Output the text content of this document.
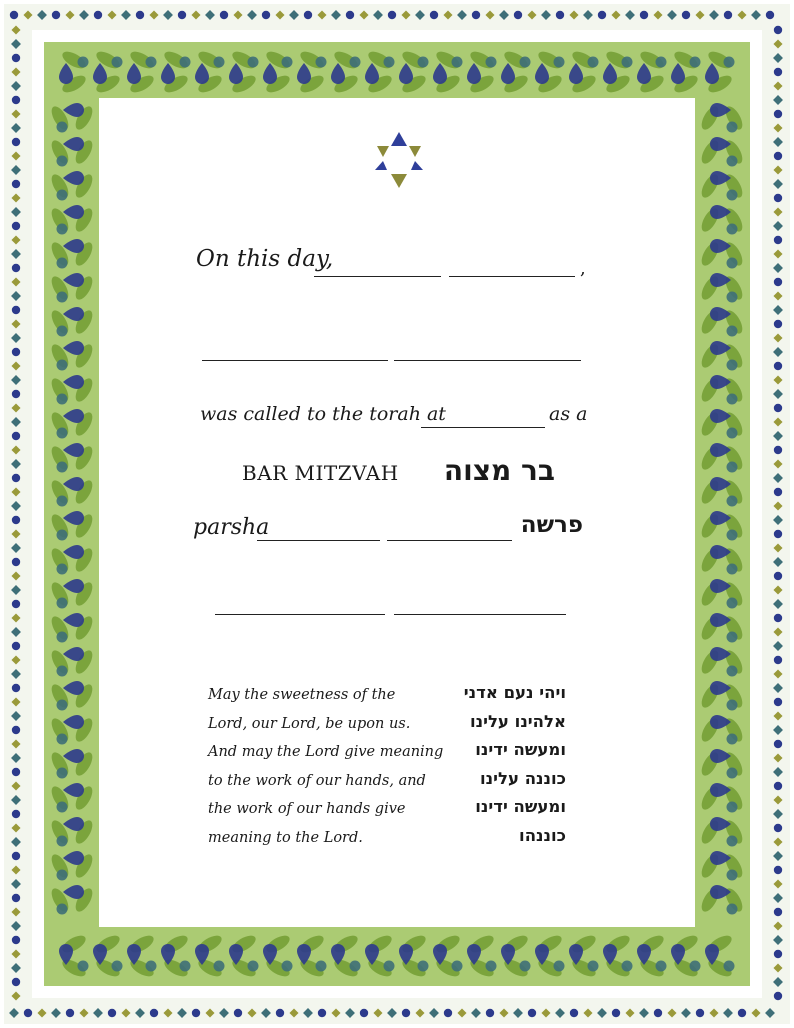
On this day,	,
was called to the torah at	as a
BAR MITZVAH	בר מצוה
parsha	פרשה
May the sweetness of the
Lord, our Lord, be upon us.
And may the Lord give meaning
to the work of our hands, and
the work of our hands give
meaning to the Lord.
ויהי נעם אדני
אלהינו עלינו
ומעשה ידינו
כוננה עלינו
ומעשה ידינו
כוננהו
